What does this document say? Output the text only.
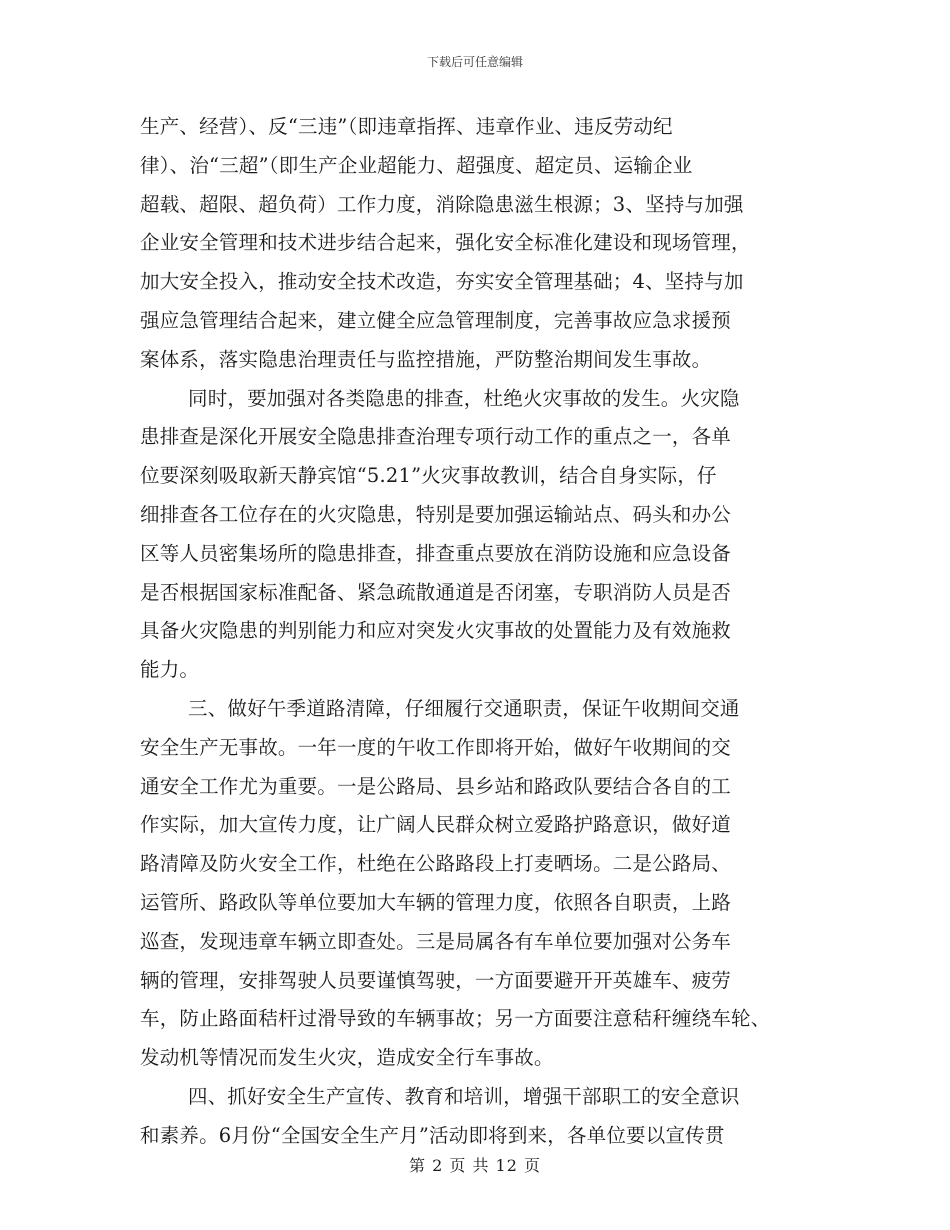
下载后可任意编辑
生产、经营）、反“三违”（即违章指挥、违章作业、违反劳动纪
律）、治“三超”（即生产企业超能力、超强度、超定员、运输企业
超载、超限、超负荷）工作力度，消除隐患滋生根源；3、坚持与加强
企业安全管理和技术进步结合起来，强化安全标准化建设和现场管理，
加大安全投入，推动安全技术改造，夯实安全管理基础；4、坚持与加
强应急管理结合起来，建立健全应急管理制度，完善事故应急求援预
案体系，落实隐患治理责任与监控措施，严防整治期间发生事故。
同时，要加强对各类隐患的排查，杜绝火灾事故的发生。火灾隐
患排查是深化开展安全隐患排查治理专项行动工作的重点之一，各单
位要深刻吸取新天静宾馆“5.21”火灾事故教训，结合自身实际，仔
细排查各工位存在的火灾隐患，特别是要加强运输站点、码头和办公
区等人员密集场所的隐患排查，排查重点要放在消防设施和应急设备
是否根据国家标准配备、紧急疏散通道是否闭塞，专职消防人员是否
具备火灾隐患的判别能力和应对突发火灾事故的处置能力及有效施救
能力。
三、做好午季道路清障，仔细履行交通职责，保证午收期间交通
安全生产无事故。一年一度的午收工作即将开始，做好午收期间的交
通安全工作尤为重要。一是公路局、县乡站和路政队要结合各自的工
作实际，加大宣传力度，让广阔人民群众树立爱路护路意识，做好道
路清障及防火安全工作，杜绝在公路路段上打麦晒场。二是公路局、
运管所、路政队等单位要加大车辆的管理力度，依照各自职责，上路
巡查，发现违章车辆立即查处。三是局属各有车单位要加强对公务车
辆的管理，安排驾驶人员要谨慎驾驶，一方面要避开开英雄车、疲劳
车，防止路面秸杆过滑导致的车辆事故；另一方面要注意秸秆缠绕车轮、
发动机等情况而发生火灾，造成安全行车事故。
四、抓好安全生产宣传、教育和培训，增强干部职工的安全意识
和素养。6月份“全国安全生产月”活动即将到来，各单位要以宣传贯
第 2 页 共 12 页
